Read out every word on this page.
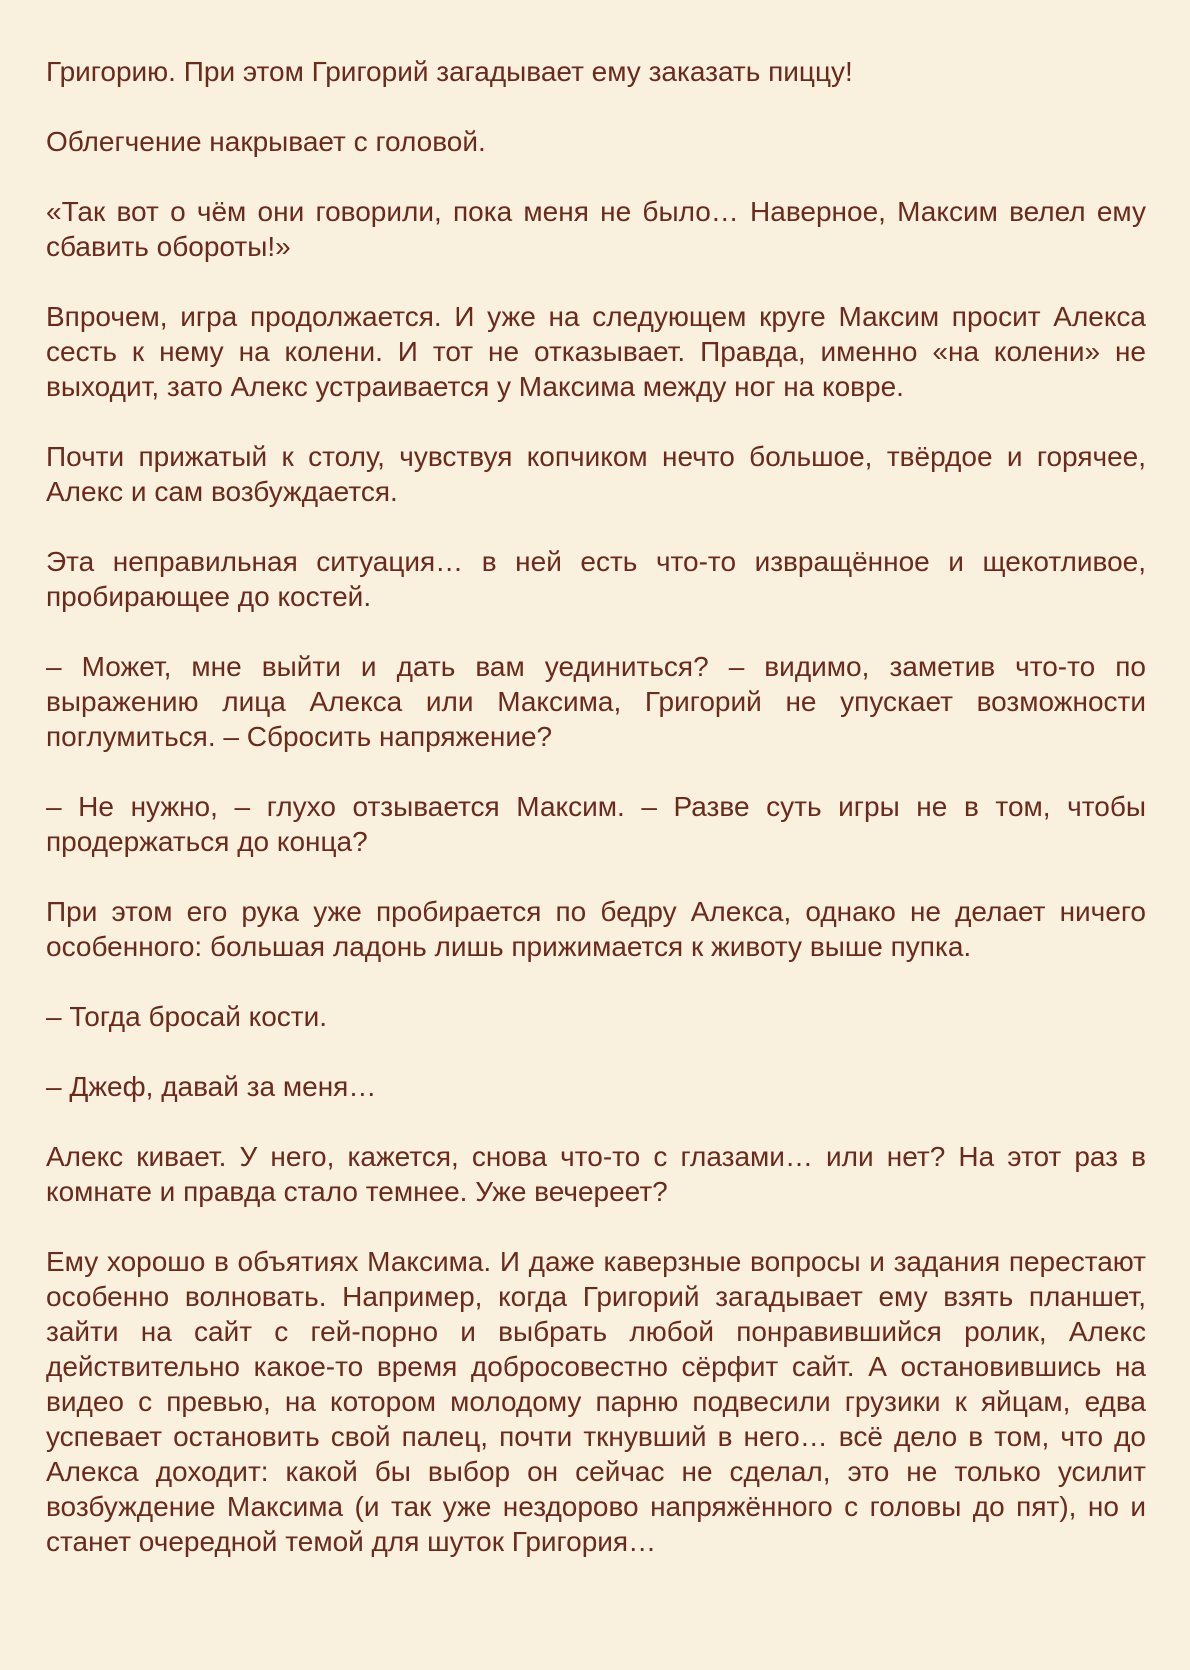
Григорию. При этом Григорий загадывает ему заказать пиццу!

Облегчение накрывает с головой.

«Так вот о чём они говорили, пока меня не было… Наверное, Максим велел ему сбавить обороты!»

Впрочем, игра продолжается. И уже на следующем круге Максим просит Алекса сесть к нему на колени. И тот не отказывает. Правда, именно «на колени» не выходит, зато Алекс устраивается у Максима между ног на ковре.

Почти прижатый к столу, чувствуя копчиком нечто большое, твёрдое и горячее, Алекс и сам возбуждается.

Эта неправильная ситуация… в ней есть что-то извращённое и щекотливое, пробирающее до костей.

– Может, мне выйти и дать вам уединиться? – видимо, заметив что-то по выражению лица Алекса или Максима, Григорий не упускает возможности поглумиться. – Сбросить напряжение?

– Не нужно, – глухо отзывается Максим. – Разве суть игры не в том, чтобы продержаться до конца?

При этом его рука уже пробирается по бедру Алекса, однако не делает ничего особенного: большая ладонь лишь прижимается к животу выше пупка.

– Тогда бросай кости.

– Джеф, давай за меня…

Алекс кивает. У него, кажется, снова что-то с глазами… или нет? На этот раз в комнате и правда стало темнее. Уже вечереет?

Ему хорошо в объятиях Максима. И даже каверзные вопросы и задания перестают особенно волновать. Например, когда Григорий загадывает ему взять планшет, зайти на сайт с гей-порно и выбрать любой понравившийся ролик, Алекс действительно какое-то время добросовестно сёрфит сайт. А остановившись на видео с превью, на котором молодому парню подвесили грузики к яйцам, едва успевает остановить свой палец, почти ткнувший в него… всё дело в том, что до Алекса доходит: какой бы выбор он сейчас не сделал, это не только усилит возбуждение Максима (и так уже нездорово напряжённого с головы до пят), но и станет очередной темой для шуток Григория…
